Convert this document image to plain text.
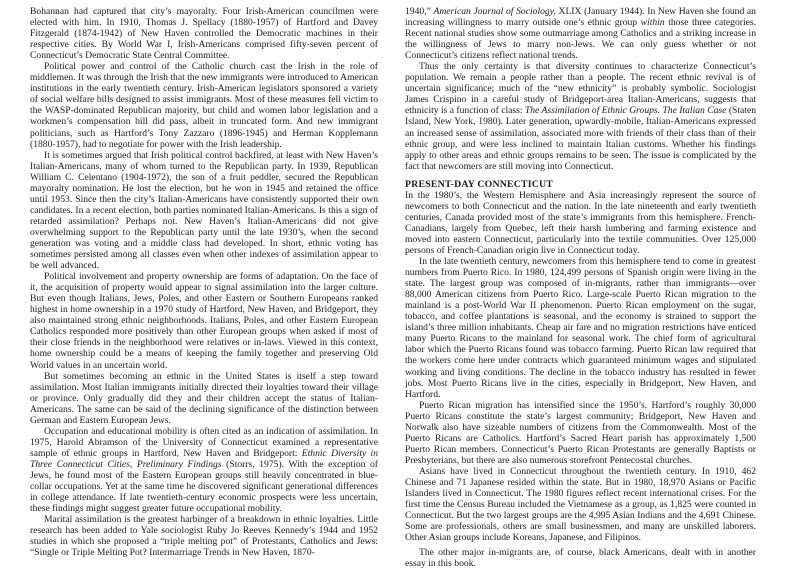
Bohannan had captured that city’s mayoralty. Four Irish-American councilmen were elected with him. In 1910, Thomas J. Spellacy (1880-1957) of Hartford and Davey Fitzgerald (1874-1942) of New Haven controlled the Democratic machines in their respective cities. By World War I, Irish-Americans comprised fifty-seven percent of Connecticut’s Democratic State Central Committee.

Political power and control of the Catholic church cast the Irish in the role of middlemen. It was through the Irish that the new immigrants were introduced to American institutions in the early twentieth century. Irish-American legislators sponsored a variety of social welfare bills designed to assist immigrants. Most of these measures fell victim to the WASP-dominated Republican majority, but child and women labor legislation and a workmen’s compensation bill did pass, albeit in truncated form. And new immigrant politicians, such as Hartford’s Tony Zazzaro (1896-1945) and Herman Kopplemann (1880-1957), had to negotiate for power with the Irish leadership.

It is sometimes argued that Irish political control backfired, at least with New Haven’s Italian-Americans, many of whom turned to the Republican party. In 1939, Republican William C. Celentano (1904-1972), the son of a fruit peddler, secured the Republican mayoralty nomination. He lost the election, but he won in 1945 and retained the office until 1953. Since then the city’s Italian-Americans have consistently supported their own candidates. In a recent election, both parties nominated Italian-Americans. Is this a sign of retarded assimilation? Perhaps not. New Haven’s Italian-Americans did not give overwhelming support to the Republican party until the late 1930’s, when the second generation was voting and a middle class had developed. In short, ethnic voting has sometimes persisted among all classes even when other indexes of assimilation appear to be well advanced.

Political involvement and property ownership are forms of adaptation. On the face of it, the acquisition of property would appear to signal assimilation into the larger culture. But even though Italians, Jews, Poles, and other Eastern or Southern Europeans ranked highest in home ownership in a 1970 study of Hartford, New Haven, and Bridgeport, they also maintained strong ethnic neighborhoods. Italians, Poles, and other Eastern European Catholics responded more positively than other European groups when asked if most of their close friends in the neighborhood were relatives or in-laws. Viewed in this context, home ownership could be a means of keeping the family together and preserving Old World values in an uncertain world.

But sometimes becoming an ethnic in the United States is itself a step toward assimilation. Most Italian immigrants initially directed their loyalties toward their village or province. Only gradually did they and their children accept the status of Italian-Americans. The same can be said of the declining significance of the distinction between German and Eastern European Jews.

Occupation and educational mobility is often cited as an indication of assimilation. In 1975, Harold Abramson of the University of Connecticut examined a representative sample of ethnic groups in Hartford, New Haven and Bridgeport: Ethnic Diversity in Three Connecticut Cities, Preliminary Findings (Storrs, 1975). With the exception of Jews, he found most of the Eastern European groups still heavily concentrated in blue-collar occupations. Yet at the same time he discovered significant generational differences in college attendance. If late twentieth-century economic prospects were less uncertain, these findings might suggest greater future occupational mobility.

Marital assimilation is the greatest harbinger of a breakdown in ethnic loyalties. Little research has been added to Yale sociologist Ruby Jo Reeves Kennedy’s 1944 and 1952 studies in which she proposed a “triple melting pot” of Protestants, Catholics and Jews: “Single or Triple Melting Pot? Intermarriage Trends in New Haven, 1870-

1940,” American Journal of Sociology, XLIX (January 1944). In New Haven she found an increasing willingness to marry outside one’s ethnic group within those three categories. Recent national studies show some outmarriage among Catholics and a striking increase in the willingness of Jews to marry non-Jews. We can only guess whether or not Connecticut’s citizens reflect national trends.

Thus the only certainty is that diversity continues to characterize Connecticut’s population. We remain a people rather than a people. The recent ethnic revival is of uncertain significance; much of the “new ethnicity” is probably symbolic. Sociologist James Crispino in a careful study of Bridgeport-area Italian-Americans, suggests that ethnicity is a function of class: The Assimilation of Ethnic Groups. The Italian Case (Staten Island, New York, 1980). Later generation, upwardly-mobile, Italian-Americans expressed an increased sense of assimilation, associated more with friends of their class than of their ethnic group, and were less inclined to maintain Italian customs. Whether his findings apply to other areas and ethnic groups remains to be seen. The issue is complicated by the fact that newcomers are still moving into Connecticut.

PRESENT-DAY CONNECTICUT

In the 1980’s, the Western Hemisphere and Asia increasingly represent the source of newcomers to both Connecticut and the nation. In the late nineteenth and early twentieth centuries, Canada provided most of the state’s immigrants from this hemisphere. French-Canadians, largely from Quebec, left their harsh lumbering and farming existence and moved into eastern Connecticut, particularly into the textile communities. Over 125,000 persons of French-Canadian origin live in Connecticut today.

In the late twentieth century, newcomers from this hemisphere tend to come in greatest numbers from Puerto Rico. In 1980, 124,499 persons of Spanish origin were living in the state. The largest group was composed of in-migrants, rather than immigrants—over 88,000 American citizens from Puerto Rico. Large-scale Puerto Rican migration to the mainland is a post-World War II phenomenon. Puerto Rican employment on the sugar, tobacco, and coffee plantations is seasonal, and the economy is strained to support the island’s three million inhabitants. Cheap air fare and no migration restrictions have enticed many Puerto Ricans to the mainland for seasonal work. The chief form of agricultural labor which the Puerto Ricans found was tobacco farming. Puerto Rican law required that the workers come here under contracts which guaranteed minimum wages and stipulated working and living conditions. The decline in the tobacco industry has resulted in fewer jobs. Most Puerto Ricans live in the cities, especially in Bridgeport, New Haven, and Hartford.

Puerto Rican migration has intensified since the 1950’s. Hartford’s roughly 30,000 Puerto Ricans constitute the state’s largest community; Bridgeport, New Haven and Norwalk also have sizeable numbers of citizens from the Commonwealth. Most of the Puerto Ricans are Catholics. Hartford’s Sacred Heart parish has approximately 1,500 Puerto Rican members. Connecticut’s Puerto Rican Protestants are generally Baptists or Presbyterians, but there are also numerous storefront Pentecostal churches.

Asians have lived in Connecticut throughout the twentieth century. In 1910, 462 Chinese and 71 Japanese resided within the state. But in 1980, 18,970 Asians or Pacific Islanders lived in Connecticut. The 1980 figures reflect recent international crises. For the first time the Census Bureau included the Vietnamese as a group, as 1,825 were counted in Connecticut. But the two largest groups are the 4,995 Asian Indians and the 4,691 Chinese. Some are professionals, others are small businessmen, and many are unskilled laborers. Other Asian groups include Koreans, Japanese, and Filipinos.

The other major in-migrants are, of course, black Americans, dealt with in another essay in this book.
